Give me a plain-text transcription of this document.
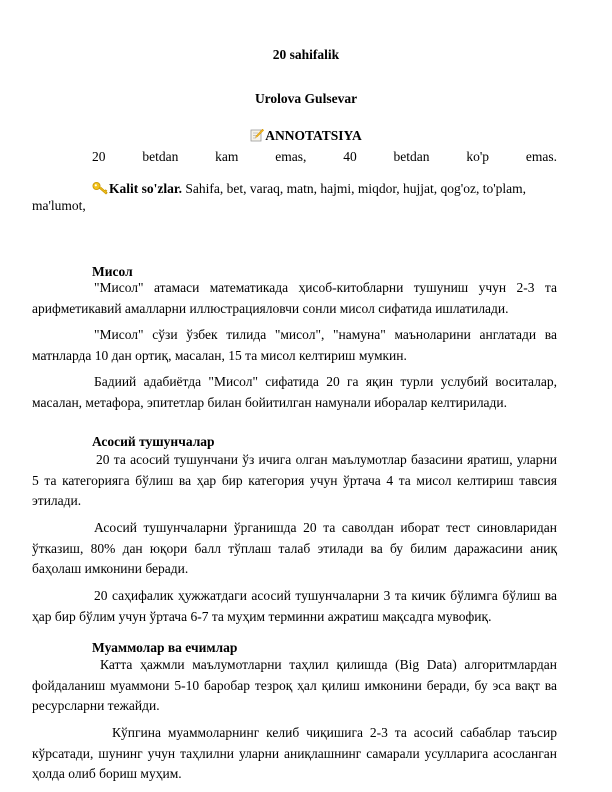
20 sahifalik
Urolova Gulsevar
ANNOTATSIYA
20	betdan	kam	emas,	40	betdan	ko'p	emas.
Kalit so'zlar. Sahifa, bet, varaq, matn, hajmi, miqdor, hujjat, qog'oz, to'plam,
ma'lumot,
Мисол
"Мисол" атамаси математикада ҳисоб-китобларни тушуниш учун 2-3 та арифметикавий амалларни иллюстрацияловчи сонли мисол сифатида ишлатилади.
"Мисол" сўзи ўзбек тилида "мисол", "намуна" маъноларини англатади ва матнларда 10 дан ортиқ, масалан, 15 та мисол келтириш мумкин.
Бадиий адабиётда "Мисол" сифатида 20 га яқин турли услубий воситалар, масалан, метафора, эпитетлар билан бойитилган намунали иборалар келтирилади.
Асосий тушунчалар
20 та асосий тушунчани ўз ичига олган маълумотлар базасини яратиш, уларни 5 та категорияга бўлиш ва ҳар бир категория учун ўртача 4 та мисол келтириш тавсия этилади.
Асосий тушунчаларни ўрганишда 20 та саволдан иборат тест синовларидан ўтказиш, 80% дан юқори балл тўплаш талаб этилади ва бу билим даражасини аниқ баҳолаш имконини беради.
20 саҳифалик ҳужжатдаги асосий тушунчаларни 3 та кичик бўлимга бўлиш ва ҳар бир бўлим учун ўртача 6-7 та муҳим терминни ажратиш мақсадга мувофиқ.
Муаммолар ва ечимлар
Катта ҳажмли маълумотларни таҳлил қилишда (Big Data) алгоритмлардан фойдаланиш муаммони 5-10 баробар тезроқ ҳал қилиш имконини беради, бу эса вақт ва ресурсларни тежайди.
Кўпгина муаммоларнинг келиб чиқишига 2-3 та асосий сабаблар таъсир кўрсатади, шунинг учун таҳлилни уларни аниқлашнинг самарали усулларига асосланган ҳолда олиб бориш муҳим.
